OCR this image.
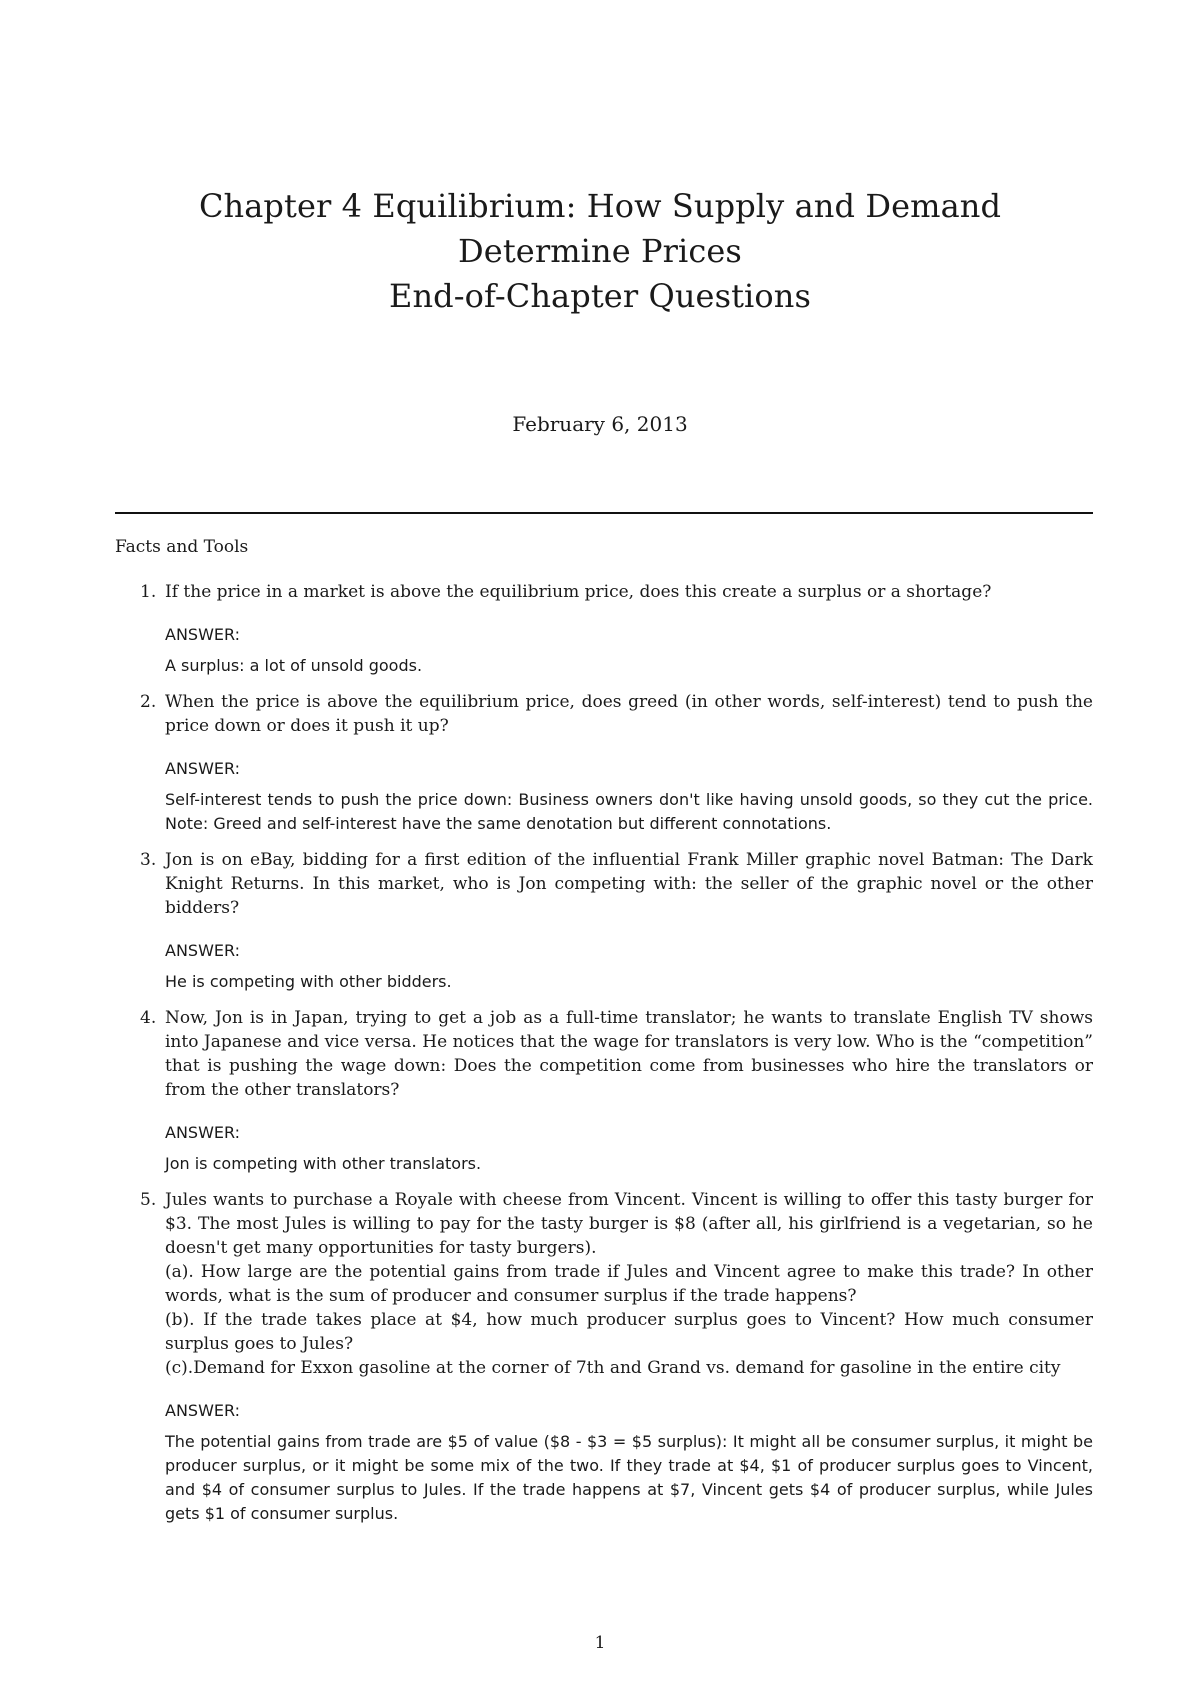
Chapter 4 Equilibrium: How Supply and Demand
Determine Prices
End-of-Chapter Questions
February 6, 2013
Facts and Tools
1. If the price in a market is above the equilibrium price, does this create a surplus or a shortage?
ANSWER:
A surplus: a lot of unsold goods.
2. When the price is above the equilibrium price, does greed (in other words, self-interest) tend to push the price down or does it push it up?
ANSWER:
Self-interest tends to push the price down: Business owners don't like having unsold goods, so they cut the price. Note: Greed and self-interest have the same denotation but different connotations.
3. Jon is on eBay, bidding for a first edition of the influential Frank Miller graphic novel Batman: The Dark Knight Returns. In this market, who is Jon competing with: the seller of the graphic novel or the other bidders?
ANSWER:
He is competing with other bidders.
4. Now, Jon is in Japan, trying to get a job as a full-time translator; he wants to translate English TV shows into Japanese and vice versa. He notices that the wage for translators is very low. Who is the “competition” that is pushing the wage down: Does the competition come from businesses who hire the translators or from the other translators?
ANSWER:
Jon is competing with other translators.
5. Jules wants to purchase a Royale with cheese from Vincent. Vincent is willing to offer this tasty burger for $3. The most Jules is willing to pay for the tasty burger is $8 (after all, his girlfriend is a vegetarian, so he doesn't get many opportunities for tasty burgers).
(a). How large are the potential gains from trade if Jules and Vincent agree to make this trade? In other words, what is the sum of producer and consumer surplus if the trade happens?
(b). If the trade takes place at $4, how much producer surplus goes to Vincent? How much consumer surplus goes to Jules?
(c).Demand for Exxon gasoline at the corner of 7th and Grand vs. demand for gasoline in the entire city
ANSWER:
The potential gains from trade are $5 of value ($8 - $3 = $5 surplus): It might all be consumer surplus, it might be producer surplus, or it might be some mix of the two. If they trade at $4, $1 of producer surplus goes to Vincent, and $4 of consumer surplus to Jules. If the trade happens at $7, Vincent gets $4 of producer surplus, while Jules gets $1 of consumer surplus.
1
